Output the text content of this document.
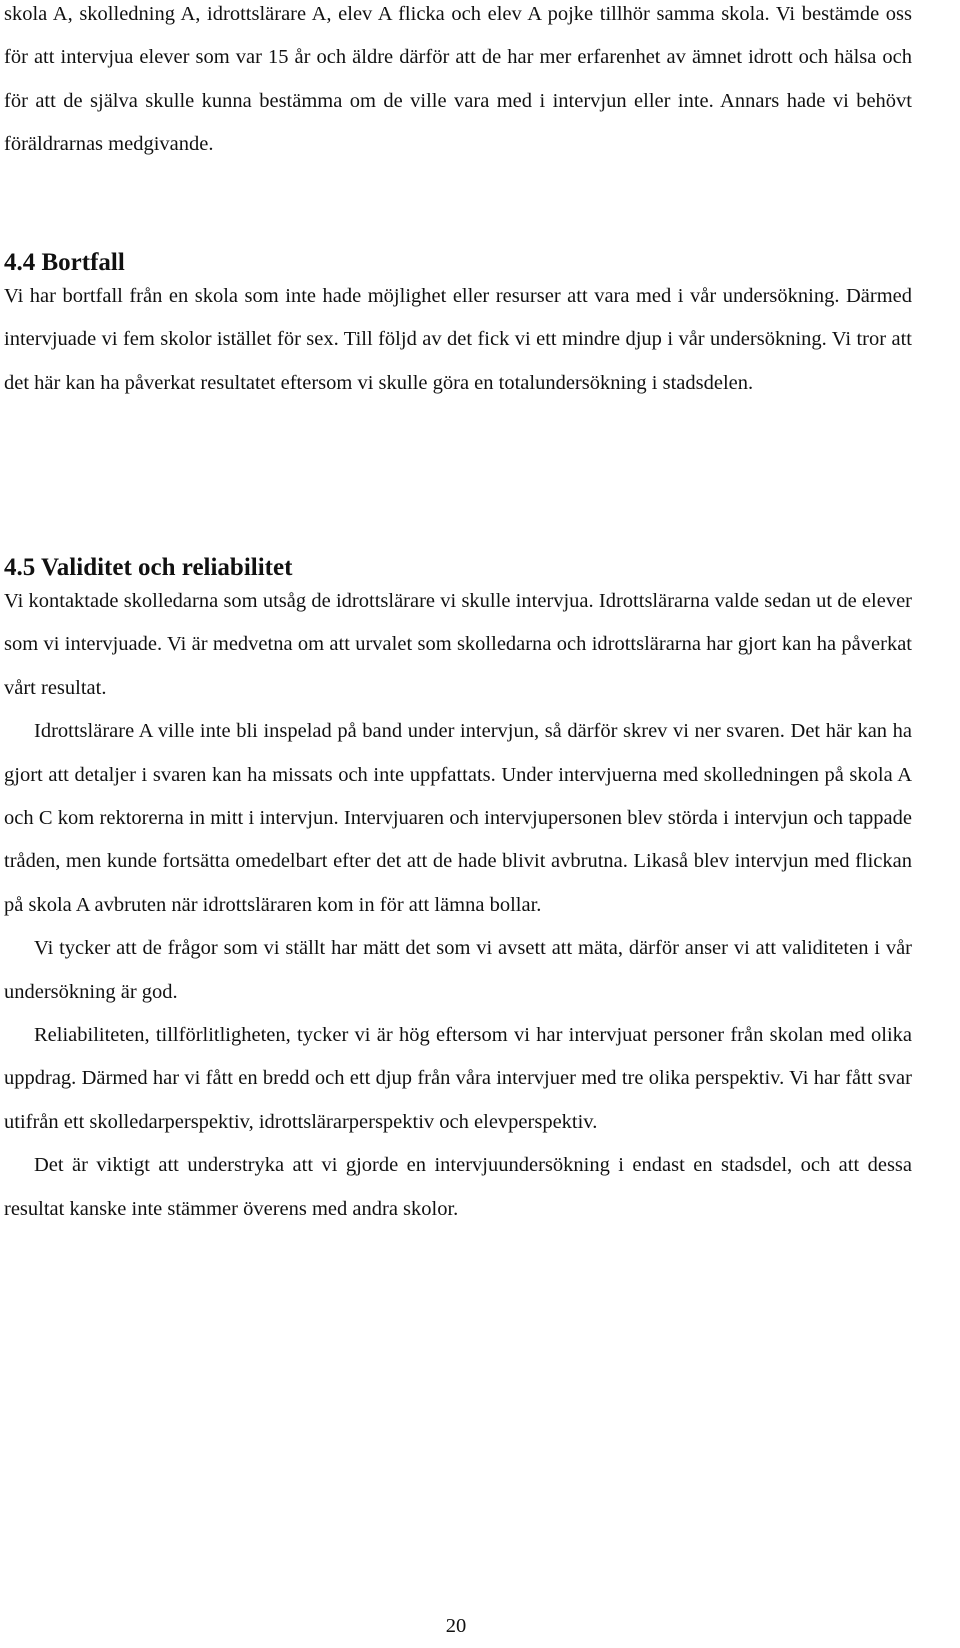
skola A, skolledning A, idrottslärare A, elev A flicka och elev A pojke tillhör samma skola. Vi bestämde oss för att intervjua elever som var 15 år och äldre därför att de har mer erfarenhet av ämnet idrott och hälsa och för att de själva skulle kunna bestämma om de ville vara med i intervjun eller inte. Annars hade vi behövt föräldrarnas medgivande.

4.4 Bortfall

Vi har bortfall från en skola som inte hade möjlighet eller resurser att vara med i vår undersökning. Därmed intervjuade vi fem skolor istället för sex. Till följd av det fick vi ett mindre djup i vår undersökning. Vi tror att det här kan ha påverkat resultatet eftersom vi skulle göra en totalundersökning i stadsdelen.

4.5 Validitet och reliabilitet

Vi kontaktade skolledarna som utsåg de idrottslärare vi skulle intervjua. Idrottslärarna valde sedan ut de elever som vi intervjuade. Vi är medvetna om att urvalet som skolledarna och idrottslärarna har gjort kan ha påverkat vårt resultat.

Idrottslärare A ville inte bli inspelad på band under intervjun, så därför skrev vi ner svaren. Det här kan ha gjort att detaljer i svaren kan ha missats och inte uppfattats. Under intervjuerna med skolledningen på skola A och C kom rektorerna in mitt i intervjun. Intervjuaren och intervjupersonen blev störda i intervjun och tappade tråden, men kunde fortsätta omedelbart efter det att de hade blivit avbrutna. Likaså blev intervjun med flickan på skola A avbruten när idrottsläraren kom in för att lämna bollar.

Vi tycker att de frågor som vi ställt har mätt det som vi avsett att mäta, därför anser vi att validiteten i vår undersökning är god.

Reliabiliteten, tillförlitligheten, tycker vi är hög eftersom vi har intervjuat personer från skolan med olika uppdrag. Därmed har vi fått en bredd och ett djup från våra intervjuer med tre olika perspektiv. Vi har fått svar utifrån ett skolledarperspektiv, idrottslärarperspektiv och elevperspektiv.

Det är viktigt att understryka att vi gjorde en intervjuundersökning i endast en stadsdel, och att dessa resultat kanske inte stämmer överens med andra skolor.

20
